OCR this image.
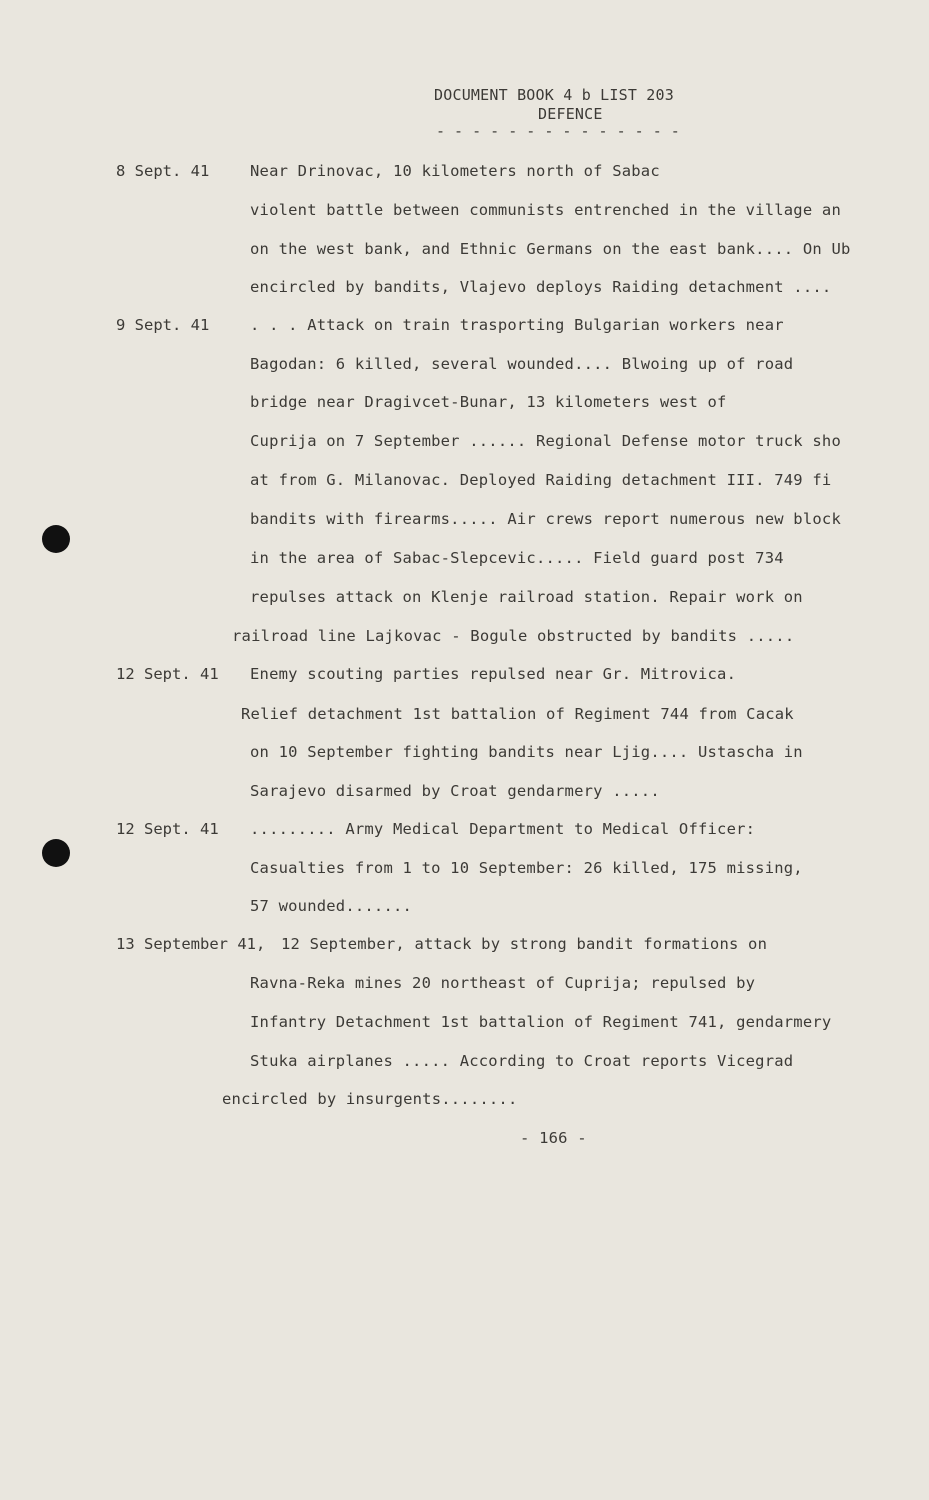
DOCUMENT BOOK 4 b LIST 203
DEFENCE
- - - - - - - - - - - - - -
8 Sept. 41	Near Drinovac, 10 kilometers north of Sabac
violent battle between communists entrenched in the village an
on the west bank, and Ethnic Germans on the east bank.... On Ub
encircled by bandits, Vlajevo deploys Raiding detachment ....
9 Sept. 41	. . . Attack on train trasporting Bulgarian workers near
Bagodan: 6 killed, several wounded.... Blwoing up of road
bridge near Dragivcet-Bunar, 13 kilometers west of
Cuprija on 7 September ...... Regional Defense motor truck sho
at from G. Milanovac. Deployed Raiding detachment III. 749 fi
bandits with firearms..... Air crews report numerous new block
in the area of Sabac-Slepcevic..... Field guard post 734
repulses attack on Klenje railroad station. Repair work on
railroad line Lajkovac - Bogule obstructed by bandits .....
12 Sept. 41 Enemy scouting parties repulsed near Gr. Mitrovica.
Relief detachment 1st battalion of Regiment 744 from Cacak
on 10 September fighting bandits near Ljig.... Ustascha in
Sarajevo disarmed by Croat gendarmery .....
12 Sept. 41 ......... Army Medical Department to Medical Officer:
Casualties from 1 to 10 September: 26 killed, 175 missing,
57 wounded.......
13 September 41, 12 September, attack by strong bandit formations on
Ravna-Reka mines 20 northeast of Cuprija; repulsed by
Infantry Detachment 1st battalion of Regiment 741, gendarmery
Stuka airplanes ..... According to Croat reports Vicegrad
encircled by insurgents........
- 166 -
